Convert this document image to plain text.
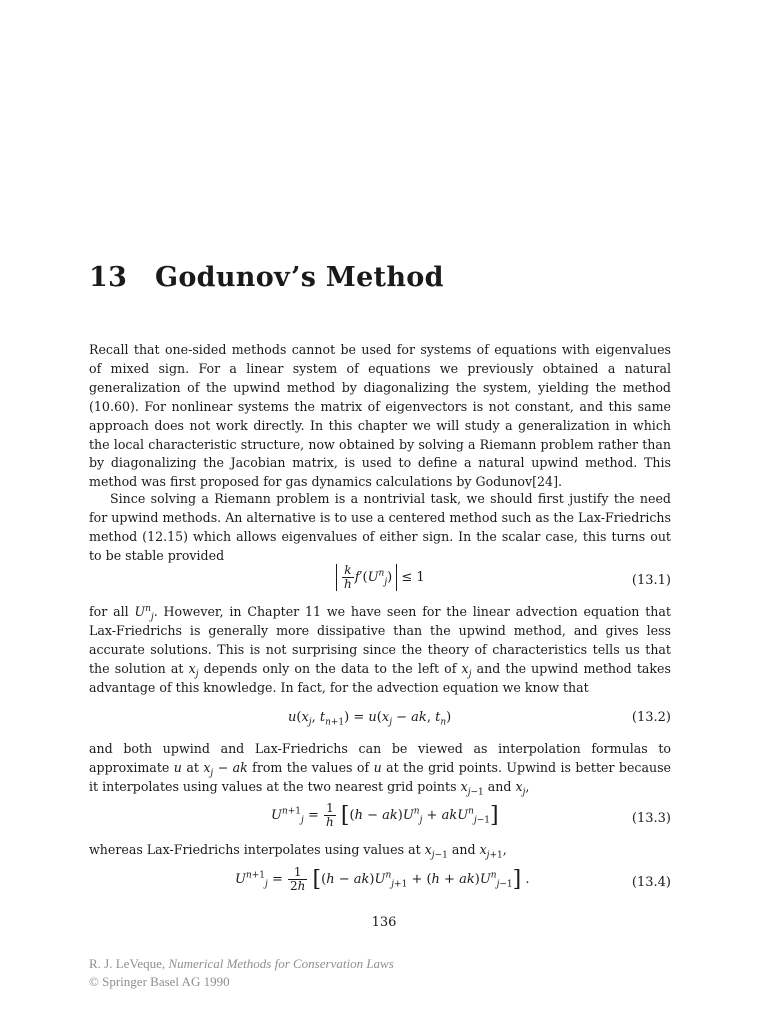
13 Godunov’s Method

Recall that one-sided methods cannot be used for systems of equations with eigenvalues of mixed sign. For a linear system of equations we previously obtained a natural generalization of the upwind method by diagonalizing the system, yielding the method (10.60). For nonlinear systems the matrix of eigenvectors is not constant, and this same approach does not work directly. In this chapter we will study a generalization in which the local characteristic structure, now obtained by solving a Riemann problem rather than by diagonalizing the Jacobian matrix, is used to define a natural upwind method. This method was first proposed for gas dynamics calculations by Godunov[24].

Since solving a Riemann problem is a nontrivial task, we should first justify the need for upwind methods. An alternative is to use a centered method such as the Lax-Friedrichs method (12.15) which allows eigenvalues of either sign. In the scalar case, this turns out to be stable provided

$\frac{k}{h} f'(U^n_j) \le 1$	(13.1)

for all $U^n_j$. However, in Chapter 11 we have seen for the linear advection equation that Lax-Friedrichs is generally more dissipative than the upwind method, and gives less accurate solutions. This is not surprising since the theory of characteristics tells us that the solution at $x_j$ depends only on the data to the left of $x_j$ and the upwind method takes advantage of this knowledge. In fact, for the advection equation we know that

$u(x_j$, $t_{n+1}) = u(x_j$ − ak, $t_n$)	(13.2)

and both upwind and Lax-Friedrichs can be viewed as interpolation formulas to approximate u at $x_j$ − ak from the values of u at the grid points. Upwind is better because it interpolates using values at the two nearest grid points $x_{j-1}$ and $x_j$,

$U^{n+1}_j = \frac{1}{h} [(h - ak)U^n_j + akU^n_{j-1}]$	(13.3)

whereas Lax-Friedrichs interpolates using values at $x_{j-1}$ and $x_{j+1}$,

$U^{n+1}_j = \frac{1}{2h} [(h - ak)U^n_{j+1} + (h + ak)U^n_{j-1}]$ .	(13.4)
136
R. J. LeVeque, Numerical Methods for Conservation Laws
© Springer Basel AG 1990
